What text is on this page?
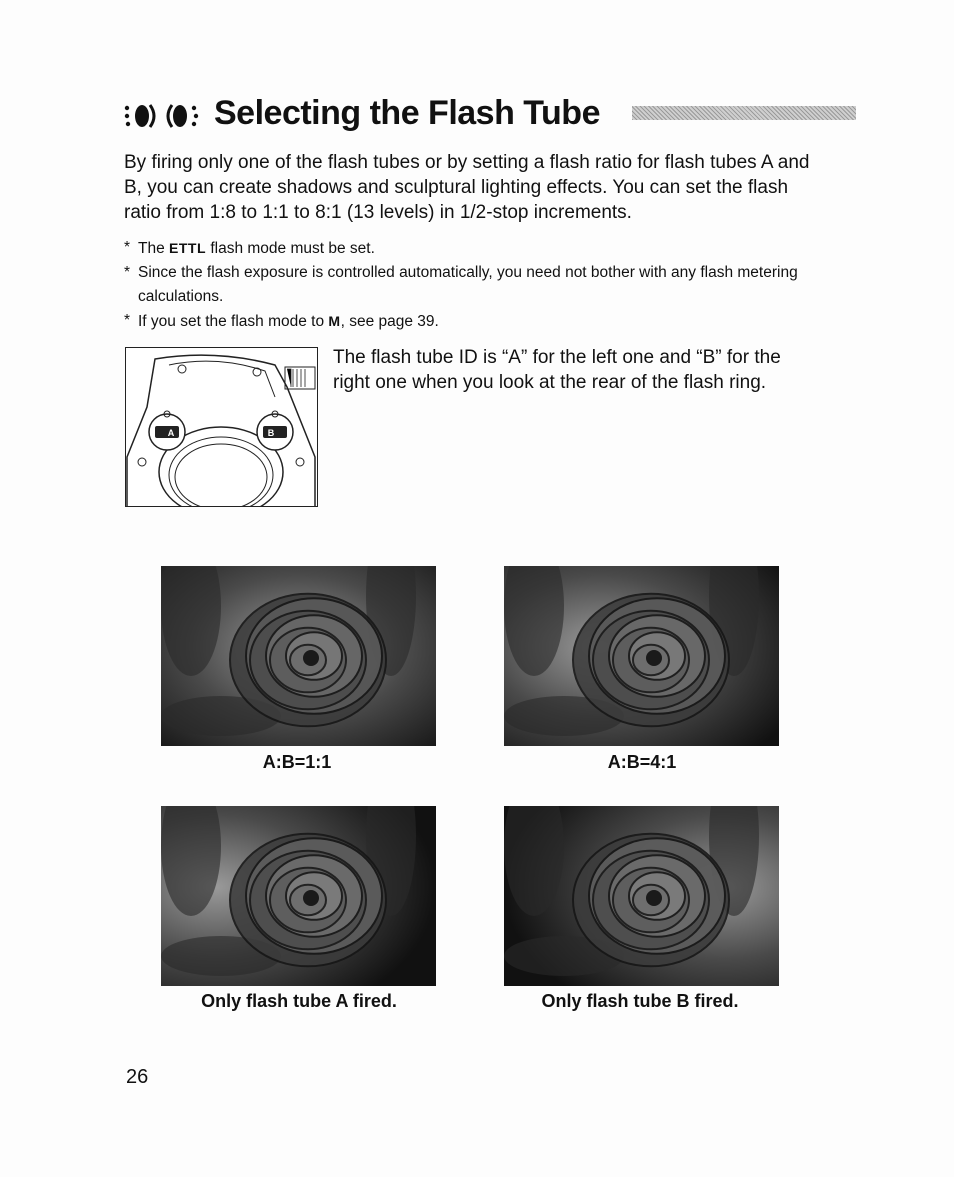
Selecting the Flash Tube

By firing only one of the flash tubes or by setting a flash ratio for flash tubes A and B, you can create shadows and sculptural lighting effects. You can set the flash ratio from 1:8 to 1:1 to 8:1 (13 levels) in 1/2-stop increments.

* The ETTL flash mode must be set.
* Since the flash exposure is controlled automatically, you need not bother with any flash metering calculations.
* If you set the flash mode to M, see page 39.
A	B

The flash tube ID is “A” for the left one and “B” for the right one when you look at the rear of the flash ring.

A:B=1:1	A:B=4:1
Only flash tube A fired.	Only flash tube B fired.
26
